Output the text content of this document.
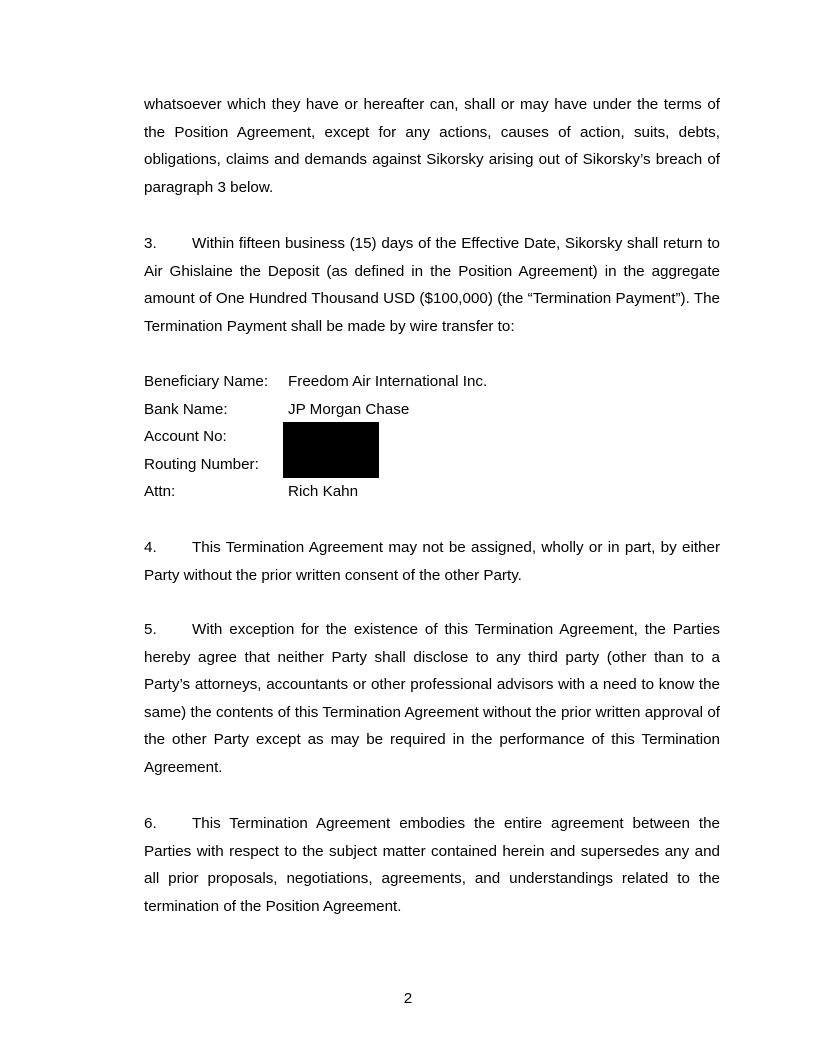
whatsoever which they have or hereafter can, shall or may have under the terms of the Position Agreement, except for any actions, causes of action, suits, debts, obligations, claims and demands against Sikorsky arising out of Sikorsky’s breach of paragraph 3 below.

3. Within fifteen business (15) days of the Effective Date, Sikorsky shall return to Air Ghislaine the Deposit (as defined in the Position Agreement) in the aggregate amount of One Hundred Thousand USD ($100,000) (the “Termination Payment”). The Termination Payment shall be made by wire transfer to:

Beneficiary Name: Freedom Air International Inc.
Bank Name:	JP Morgan Chase
Account No:
Routing Number:
Attn:	Rich Kahn

4. This Termination Agreement may not be assigned, wholly or in part, by either Party without the prior written consent of the other Party.

5. With exception for the existence of this Termination Agreement, the Parties hereby agree that neither Party shall disclose to any third party (other than to a Party’s attorneys, accountants or other professional advisors with a need to know the same) the contents of this Termination Agreement without the prior written approval of the other Party except as may be required in the performance of this Termination Agreement.

6. This Termination Agreement embodies the entire agreement between the Parties with respect to the subject matter contained herein and supersedes any and all prior proposals, negotiations, agreements, and understandings related to the termination of the Position Agreement.

2
